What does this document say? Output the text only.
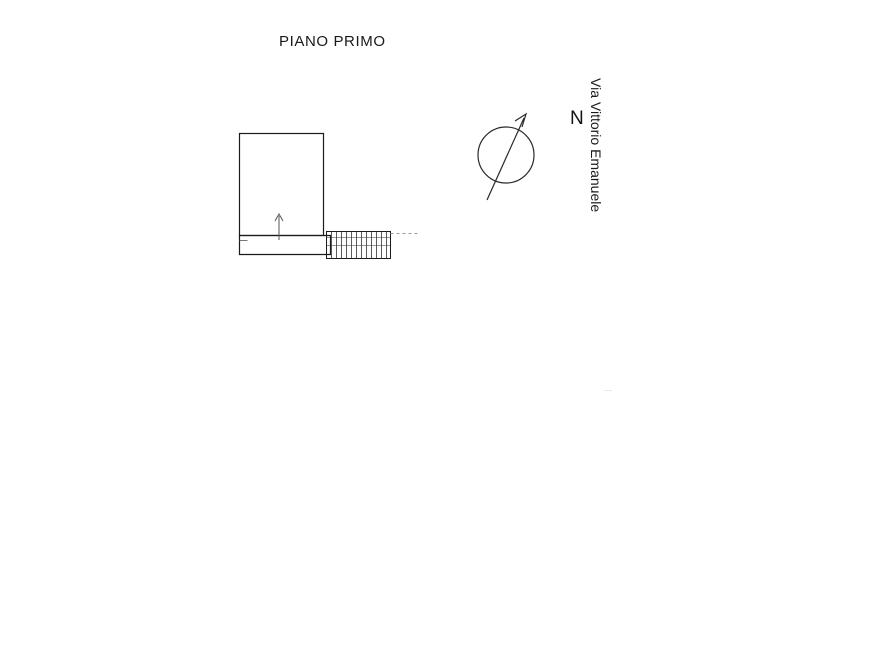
PIANO PRIMO
N Via Vittorio Emanuele
...
